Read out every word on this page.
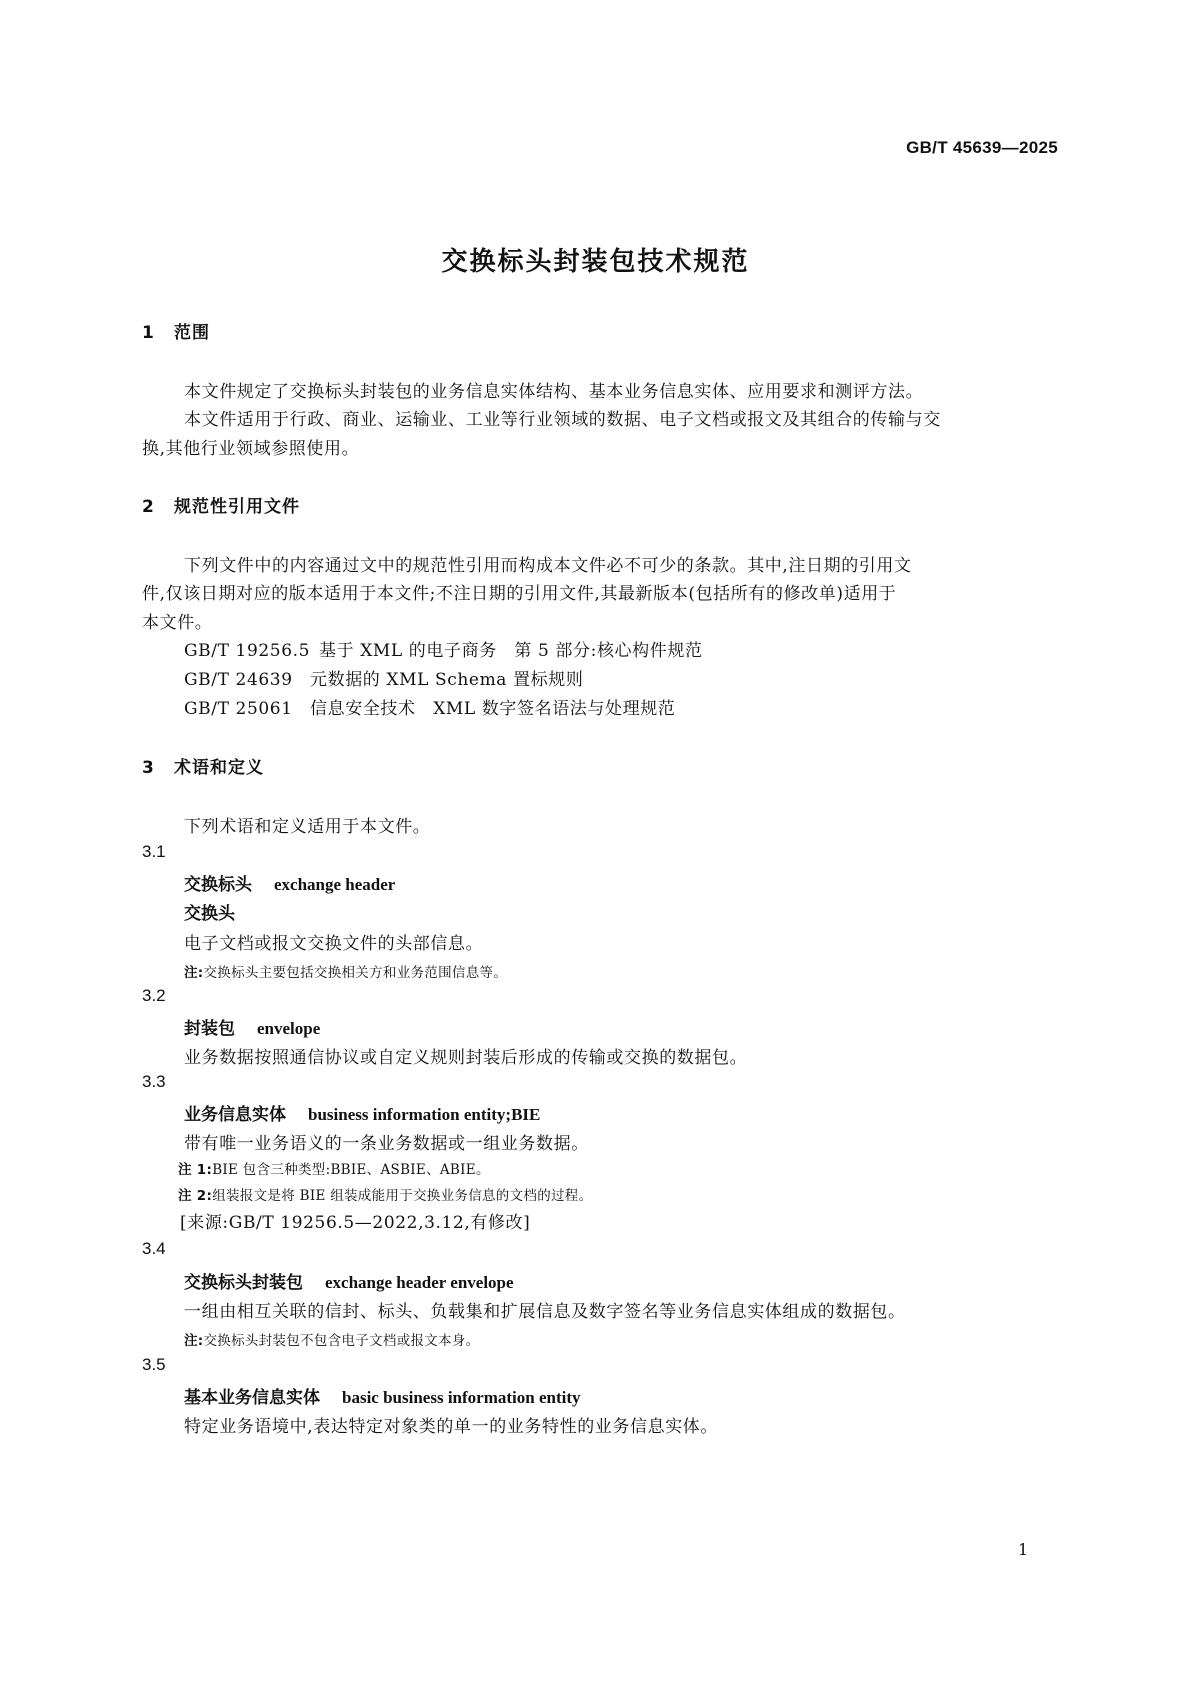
GB/T 45639—2025
交换标头封装包技术规范
1 范围
本文件规定了交换标头封装包的业务信息实体结构、基本业务信息实体、应用要求和测评方法。
本文件适用于行政、商业、运输业、工业等行业领域的数据、电子文档或报文及其组合的传输与交
换,其他行业领域参照使用。
2 规范性引用文件
下列文件中的内容通过文中的规范性引用而构成本文件必不可少的条款。其中,注日期的引用文
件,仅该日期对应的版本适用于本文件;不注日期的引用文件,其最新版本(包括所有的修改单)适用于
本文件。
GB/T 19256.5 基于 XML 的电子商务　第 5 部分:核心构件规范
GB/T 24639 元数据的 XML Schema 置标规则
GB/T 25061 信息安全技术　XML 数字签名语法与处理规范
3 术语和定义
下列术语和定义适用于本文件。
3.1
交换标头 exchange header
交换头
电子文档或报文交换文件的头部信息。
注:交换标头主要包括交换相关方和业务范围信息等。
3.2
封装包 envelope
业务数据按照通信协议或自定义规则封装后形成的传输或交换的数据包。
3.3
业务信息实体 business information entity;BIE
带有唯一业务语义的一条业务数据或一组业务数据。
注 1:BIE 包含三种类型:BBIE、ASBIE、ABIE。
注 2:组装报文是将 BIE 组装成能用于交换业务信息的文档的过程。
[来源:GB/T 19256.5—2022,3.12,有修改]
3.4
交换标头封装包 exchange header envelope
一组由相互关联的信封、标头、负载集和扩展信息及数字签名等业务信息实体组成的数据包。
注:交换标头封装包不包含电子文档或报文本身。
3.5
基本业务信息实体 basic business information entity
特定业务语境中,表达特定对象类的单一的业务特性的业务信息实体。
1
